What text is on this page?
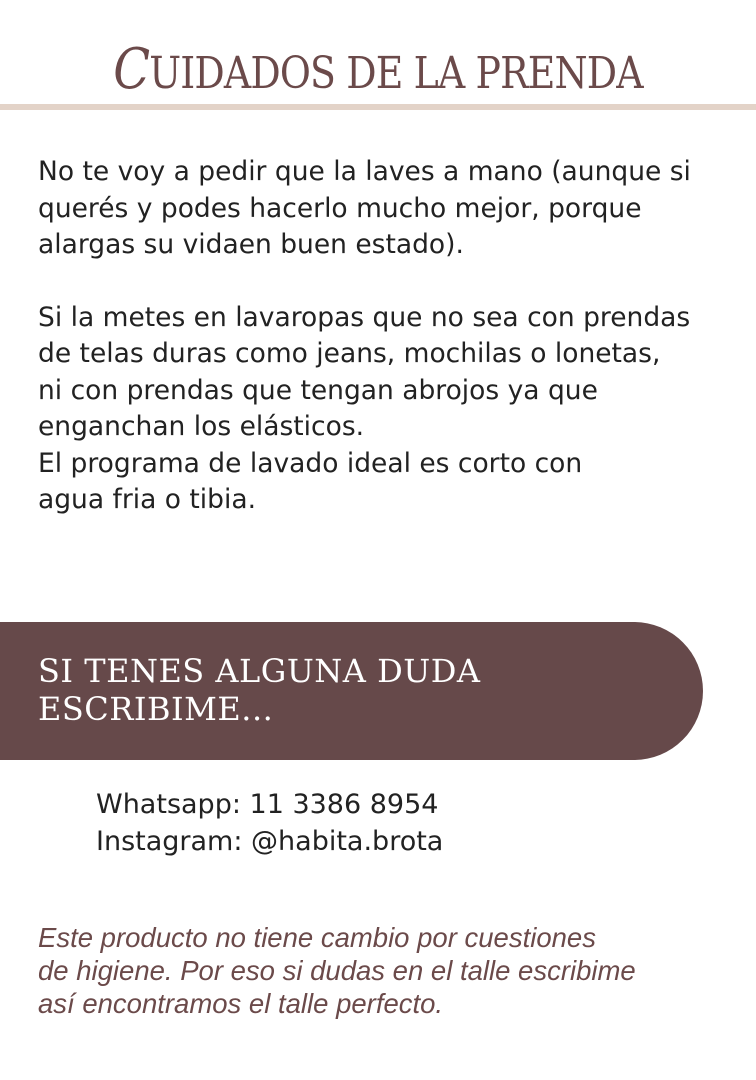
CUIDADOS DE LA PRENDA
No te voy a pedir que la laves a mano (aunque si
querés y podes hacerlo mucho mejor, porque
alargas su vidaen buen estado).
Si la metes en lavaropas que no sea con prendas
de telas duras como jeans, mochilas o lonetas,
ni con prendas que tengan abrojos ya que
enganchan los elásticos.
El programa de lavado ideal es corto con
agua fria o tibia.
SI TENES ALGUNA DUDA
ESCRIBIME...
Whatsapp: 11 3386 8954
Instagram: @habita.brota
Este producto no tiene cambio por cuestiones
de higiene. Por eso si dudas en el talle escribime
así encontramos el talle perfecto.
